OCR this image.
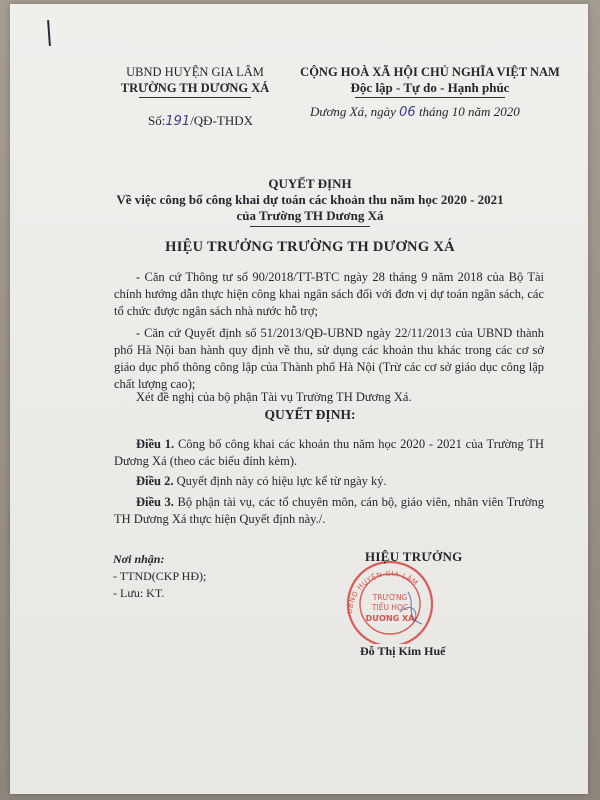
UBND HUYỆN GIA LÂM
TRƯỜNG TH DƯƠNG XÁ
CỘNG HOÀ XÃ HỘI CHỦ NGHĨA VIỆT NAM
Độc lập - Tự do - Hạnh phúc
Số:191/QĐ-THDX
Dương Xá, ngày 06 tháng 10 năm 2020
QUYẾT ĐỊNH
Về việc công bố công khai dự toán các khoản thu năm học 2020 - 2021
của Trường TH Dương Xá
HIỆU TRƯỞNG TRƯỜNG TH DƯƠNG XÁ
- Căn cứ Thông tư số 90/2018/TT-BTC ngày 28 tháng 9 năm 2018 của Bộ Tài chính hướng dẫn thực hiện công khai ngân sách đối với đơn vị dự toán ngân sách, các tổ chức được ngân sách nhà nước hỗ trợ;
- Căn cứ Quyết định số 51/2013/QĐ-UBND ngày 22/11/2013 của UBND thành phố Hà Nội ban hành quy định về thu, sử dụng các khoản thu khác trong các cơ sở giáo dục phổ thông công lập của Thành phố Hà Nội (Trừ các cơ sở giáo dục công lập chất lượng cao);
Xét đề nghị của bộ phận Tài vụ Trường TH Dương Xá.
QUYẾT ĐỊNH:
Điều 1. Công bố công khai các khoản thu năm học 2020 - 2021 của Trường TH Dương Xá (theo các biểu đính kèm).
Điều 2. Quyết định này có hiệu lực kể từ ngày ký.
Điều 3. Bộ phận tài vụ, các tổ chuyên môn, cán bộ, giáo viên, nhân viên Trường TH Dương Xá thực hiện Quyết định này./.
Nơi nhận:
- TTND(CKP HĐ);
- Lưu: KT.
UBND HUYỆN GIA LÂM
TRƯỜNG
TIỂU HỌC
DƯƠNG XÁ
HIỆU TRƯỞNG
Đỗ Thị Kim Huế
